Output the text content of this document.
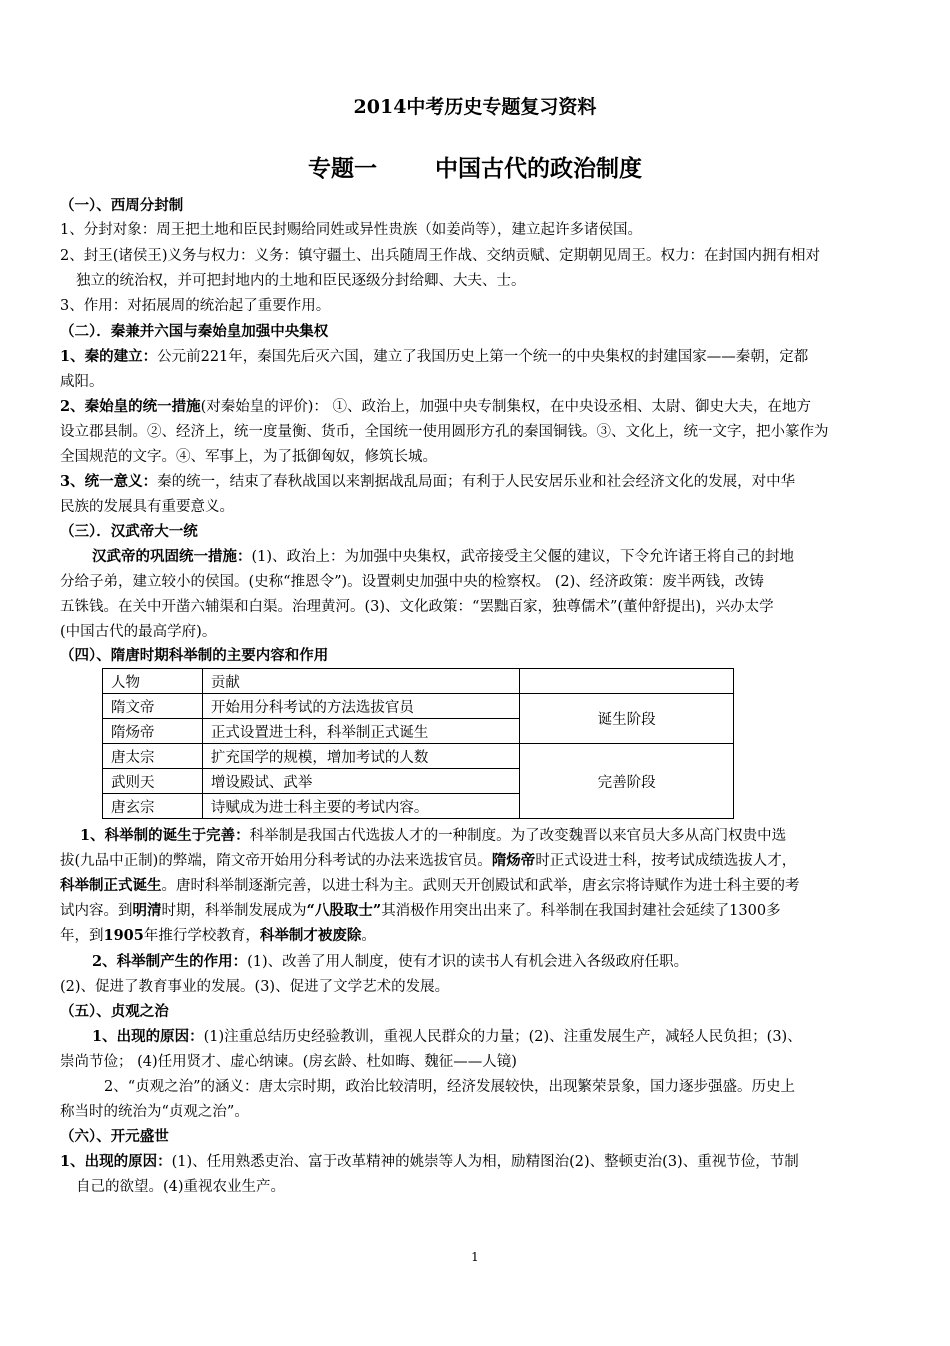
2014中考历史专题复习资料
专题一	中国古代的政治制度
（一）、西周分封制
1、分封对象：周王把土地和臣民封赐给同姓或异性贵族（如姜尚等），建立起许多诸侯国。
2、封王(诸侯王)义务与权力：义务：镇守疆土、出兵随周王作战、交纳贡赋、定期朝见周王。权力：在封国内拥有相对
独立的统治权，并可把封地内的土地和臣民逐级分封给卿、大夫、士。
3、作用：对拓展周的统治起了重要作用。
（二）．秦兼并六国与秦始皇加强中央集权
1、秦的建立：公元前221年，秦国先后灭六国，建立了我国历史上第一个统一的中央集权的封建国家——秦朝，定都
咸阳。
2、秦始皇的统一措施(对秦始皇的评价)： ①、政治上，加强中央专制集权，在中央设丞相、太尉、御史大夫，在地方
设立郡县制。②、经济上，统一度量衡、货币，全国统一使用圆形方孔的秦国铜钱。③、文化上，统一文字，把小篆作为
全国规范的文字。④、军事上，为了抵御匈奴，修筑长城。
3、统一意义：秦的统一，结束了春秋战国以来割据战乱局面；有利于人民安居乐业和社会经济文化的发展，对中华
民族的发展具有重要意义。
（三）．汉武帝大一统
汉武帝的巩固统一措施：(1)、政治上：为加强中央集权，武帝接受主父偃的建议，下令允许诸王将自己的封地
分给子弟，建立较小的侯国。(史称“推恩令”)。设置刺史加强中央的检察权。 (2)、经济政策：废半两钱，改铸
五铢钱。在关中开凿六辅渠和白渠。治理黄河。(3)、文化政策：“罢黜百家，独尊儒术”(董仲舒提出)，兴办太学
(中国古代的最高学府)。
（四）、隋唐时期科举制的主要内容和作用
人物	贡献	
隋文帝	开始用分科考试的方法选拔官员	诞生阶段
隋炀帝	正式设置进士科，科举制正式诞生	
唐太宗	扩充国学的规模，增加考试的人数	完善阶段
武则天	增设殿试、武举	
唐玄宗	诗赋成为进士科主要的考试内容。	
1、科举制的诞生于完善：科举制是我国古代选拔人才的一种制度。为了改变魏晋以来官员大多从高门权贵中选
拔(九品中正制)的弊端，隋文帝开始用分科考试的办法来选拔官员。隋炀帝时正式设进士科，按考试成绩选拔人才，
科举制正式诞生。唐时科举制逐渐完善，以进士科为主。武则天开创殿试和武举，唐玄宗将诗赋作为进士科主要的考
试内容。到明清时期，科举制发展成为“八股取士”其消极作用突出出来了。科举制在我国封建社会延续了1300多
年，到1905年推行学校教育，科举制才被废除。
2、科举制产生的作用：(1)、改善了用人制度，使有才识的读书人有机会进入各级政府任职。
(2)、促进了教育事业的发展。(3)、促进了文学艺术的发展。
（五）、贞观之治
1、出现的原因：(1)注重总结历史经验教训，重视人民群众的力量；(2)、注重发展生产，减轻人民负担；(3)、
崇尚节俭； (4)任用贤才、虚心纳谏。(房玄龄、杜如晦、魏征——人镜)
2、“贞观之治”的涵义：唐太宗时期，政治比较清明，经济发展较快，出现繁荣景象，国力逐步强盛。历史上
称当时的统治为“贞观之治”。
（六）、开元盛世
1、出现的原因：(1)、任用熟悉吏治、富于改革精神的姚崇等人为相，励精图治(2)、整顿吏治(3)、重视节俭，节制
自己的欲望。(4)重视农业生产。
1
